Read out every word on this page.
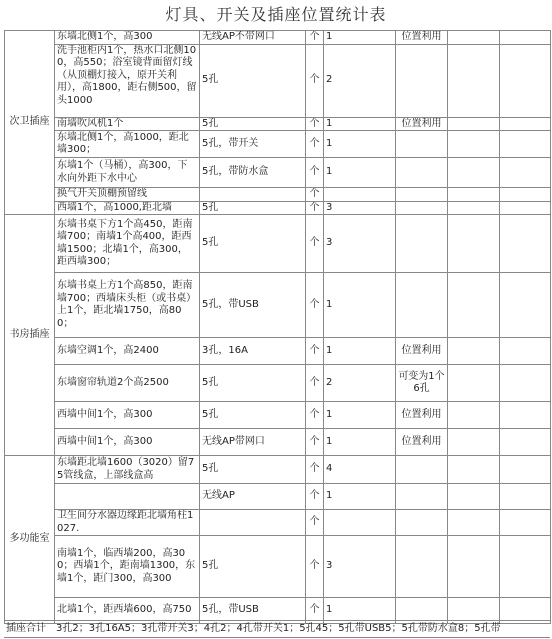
灯具、开关及插座位置统计表
次卫插座	东墙北侧1个，高300	无线AP不带网口	个	1	位置利用		

	洗手池柜内1个，热水口北侧100，高550；浴室镜背面留灯线（从顶棚灯接入，原开关利用），高1800，距右侧500，留头1000	5孔	个	2			
	南墙吹风机1个	5孔	个	1	位置利用		
	东墙北侧1个，高1000，距北墙300；	5孔，带开关	个	1			
	东墙1个（马桶），高300，下水向外距下水中心	5孔，带防水盒	个	1			
	换气开关顶棚预留线		个				
	西墙1个，高1000,距北墙	5孔	个	3			
书房插座	东墙书桌下方1个高450，距南墙700；南墙1个高400，距西墙1500；北墙1个，高300，距西墙300；	5孔	个	3			
	东墙书桌上方1个高850，距南墙700；西墙床头柜（或书桌）上1个，距北墙1750，高800；	5孔，带USB	个	1			
	东墙空调1个，高2400	3孔，16A	个	1	位置利用		
	东墙窗帘轨道2个高2500	5孔	个	2	可变为1个6孔		
	西墙中间1个，高300	5孔	个	1	位置利用		
	西墙中间1个，高300	无线AP带网口	个	1	位置利用		
多功能室	东墙距北墙1600（3020）留75管线盒，上部线盒高	5孔	个	4			
		无线AP	个	1			
	卫生间分水器边缘距北墙角柱1027.		个				
	南墙1个，临西墙200，高300；西墙1个，距南墙1300，东墙1个，距门300，高300	5孔	个	3			
	北墙1个，距西墙600，高750	5孔，带USB	个	1			
插座合计 3孔2；3孔16A5；3孔带开关3；4孔2；4孔带开关1；5孔45；5孔带USB5；5孔带防水盒8；5孔带
